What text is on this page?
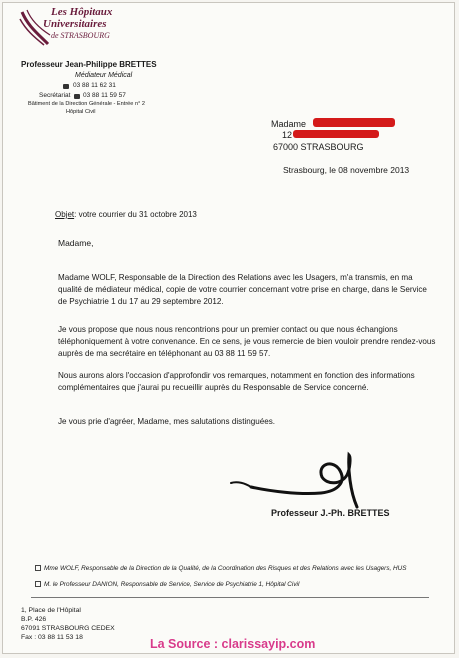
Les Hôpitaux
Universitaires
de STRASBOURG
Professeur Jean-Philippe BRETTES
Médiateur Médical
03 88 11 62 31
Secrétariat 03 88 11 59 57
Bâtiment de la Direction Générale - Entrée n° 2
Hôpital Civil
Madame
12
67000 STRASBOURG
Strasbourg, le 08 novembre 2013
Objet: votre courrier du 31 octobre 2013
Madame,

Madame WOLF, Responsable de la Direction des Relations avec les Usagers, m'a transmis, en ma qualité de médiateur médical, copie de votre courrier concernant votre prise en charge, dans le Service de Psychiatrie 1 du 17 au 29 septembre 2012.

Je vous propose que nous nous rencontrions pour un premier contact ou que nous échangions téléphoniquement à votre convenance. En ce sens, je vous remercie de bien vouloir prendre rendez-vous auprès de ma secrétaire en téléphonant au 03 88 11 59 57.

Nous aurons alors l'occasion d'approfondir vos remarques, notamment en fonction des informations complémentaires que j'aurai pu recueillir auprès du Responsable de Service concerné.

Je vous prie d'agréer, Madame, mes salutations distinguées.
Professeur J.-Ph. BRETTES
Mme WOLF, Responsable de la Direction de la Qualité, de la Coordination des Risques et des Relations avec les Usagers, HUS
M. le Professeur DANION, Responsable de Service, Service de Psychiatrie 1, Hôpital Civil
1, Place de l'Hôpital
B.P. 426
67091 STRASBOURG CEDEX
Fax : 03 88 11 53 18	La Source : clarissayip.com
